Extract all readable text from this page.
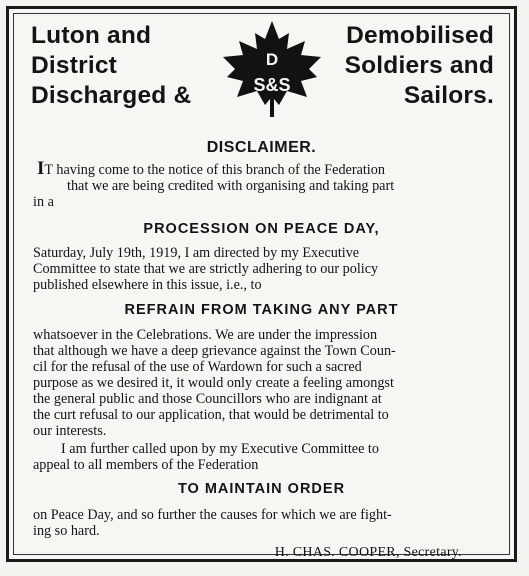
Luton and
District
Discharged &
D
S&S
Demobilised
Soldiers and
Sailors.
DISCLAIMER.
IT having come to the notice of this branch of the Federation
that we are being credited with organising and taking part
in a
PROCESSION ON PEACE DAY,
Saturday, July 19th, 1919, I am directed by my Executive
Committee to state that we are strictly adhering to our policy
published elsewhere in this issue, i.e., to
REFRAIN FROM TAKING ANY PART
whatsoever in the Celebrations. We are under the impression
that although we have a deep grievance against the Town Coun-
cil for the refusal of the use of Wardown for such a sacred
purpose as we desired it, it would only create a feeling amongst
the general public and those Councillors who are indignant at
the curt refusal to our application, that would be detrimental to
our interests.
I am further called upon by my Executive Committee to
appeal to all members of the Federation
TO MAINTAIN ORDER
on Peace Day, and so further the causes for which we are fight-
ing so hard.
H. CHAS. COOPER, Secretary.
